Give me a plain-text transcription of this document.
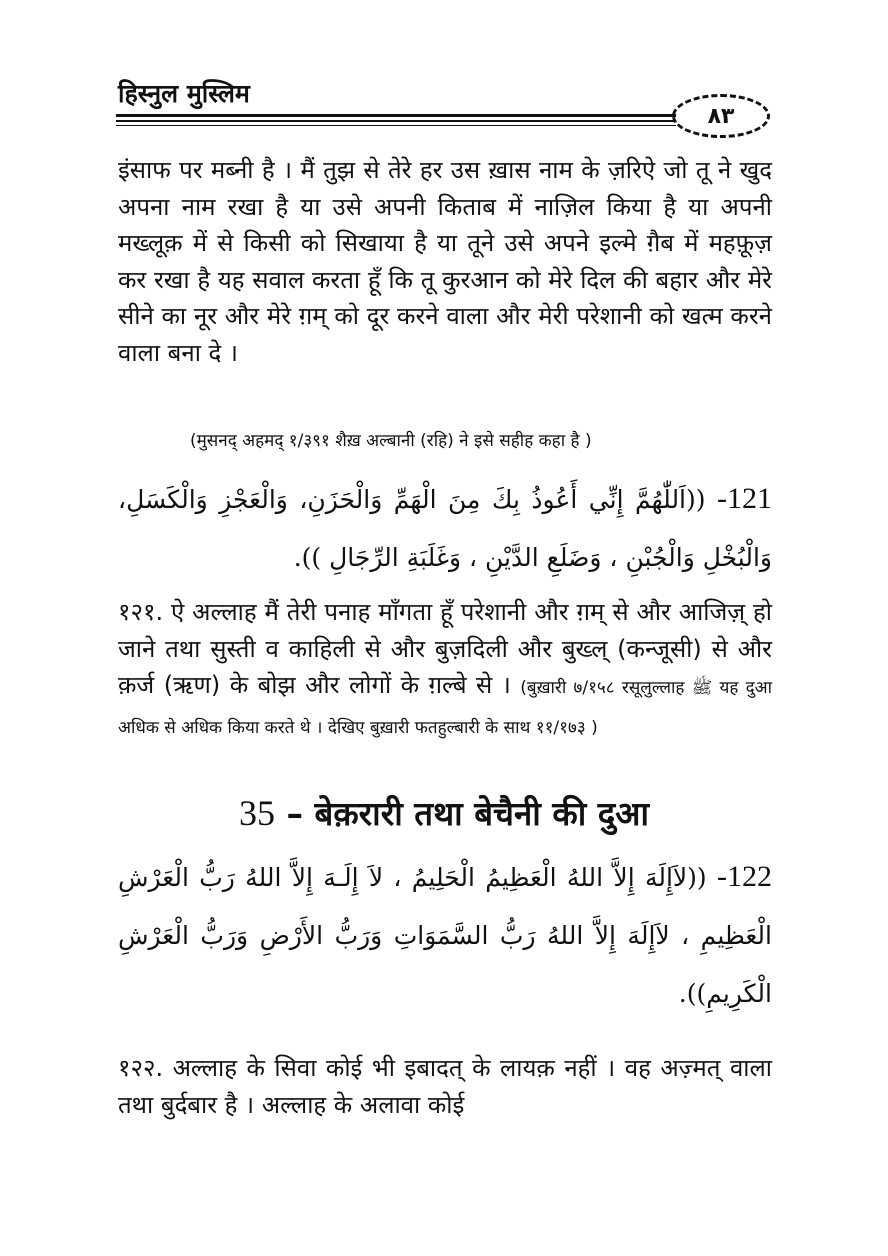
हिस्नुल मुस्लिम
٨٣

इंसाफ पर मब्नी है । मैं तुझ से तेरे हर उस ख़ास नाम के ज़रिऐ जो तू ने खुद अपना नाम रखा है या उसे अपनी किताब में नाज़िल किया है या अपनी मख्लूक़ में से किसी को सिखाया है या तूने उसे अपने इल्मे ग़ैब में महफ़ूज़ कर रखा है यह सवाल करता हूँ कि तू कुरआन को मेरे दिल की बहार और मेरे सीने का नूर और मेरे ग़म् को दूर करने वाला और मेरी परेशानी को खत्म करने वाला बना दे ।

(मुसनद् अहमद् १/३९१ शैख़ अल्बानी (रहि) ने इसे सहीह कहा है )

121- ((اَللّٰهُمَّ إِنِّي أَعُوذُ بِكَ مِنَ الْهَمِّ وَالْحَزَنِ، وَالْعَجْزِ وَالْكَسَلِ، وَالْبُخْلِ وَالْجُبْنِ ، وَضَلَعِ الدَّيْنِ ، وَغَلَبَةِ الرِّجَالِ )).

१२१. ऐ अल्लाह मैं तेरी पनाह माँगता हूँ परेशानी और ग़म् से और आजिज़् हो जाने तथा सुस्ती व काहिली से और बुज़दिली और बुख्ल् (कन्जूसी) से और क़र्ज (ऋण) के बोझ और लोगों के ग़ल्बे से । (बुख़ारी ७/१५८ रसूलुल्लाह ﷺ यह दुआ अधिक से अधिक किया करते थे । देखिए बुख़ारी फतहुल्बारी के साथ ११/१७३ )

35 – बेक़रारी तथा बेचैनी की दुआ

122- ((لاَإِلَهَ إِلاَّ اللهُ الْعَظِيمُ الْحَلِيمُ ، لاَ إِلَـهَ إِلاَّ اللهُ رَبُّ الْعَرْشِ الْعَظِيمِ ، لاَإِلَهَ إِلاَّ اللهُ رَبُّ السَّمَوَاتِ وَرَبُّ الأَرْضِ وَرَبُّ الْعَرْشِ الْكَرِيمِ)).

१२२. अल्लाह के सिवा कोई भी इबादत् के लायक़ नहीं । वह अज़्मत् वाला तथा बुर्दबार है । अल्लाह के अलावा कोई
